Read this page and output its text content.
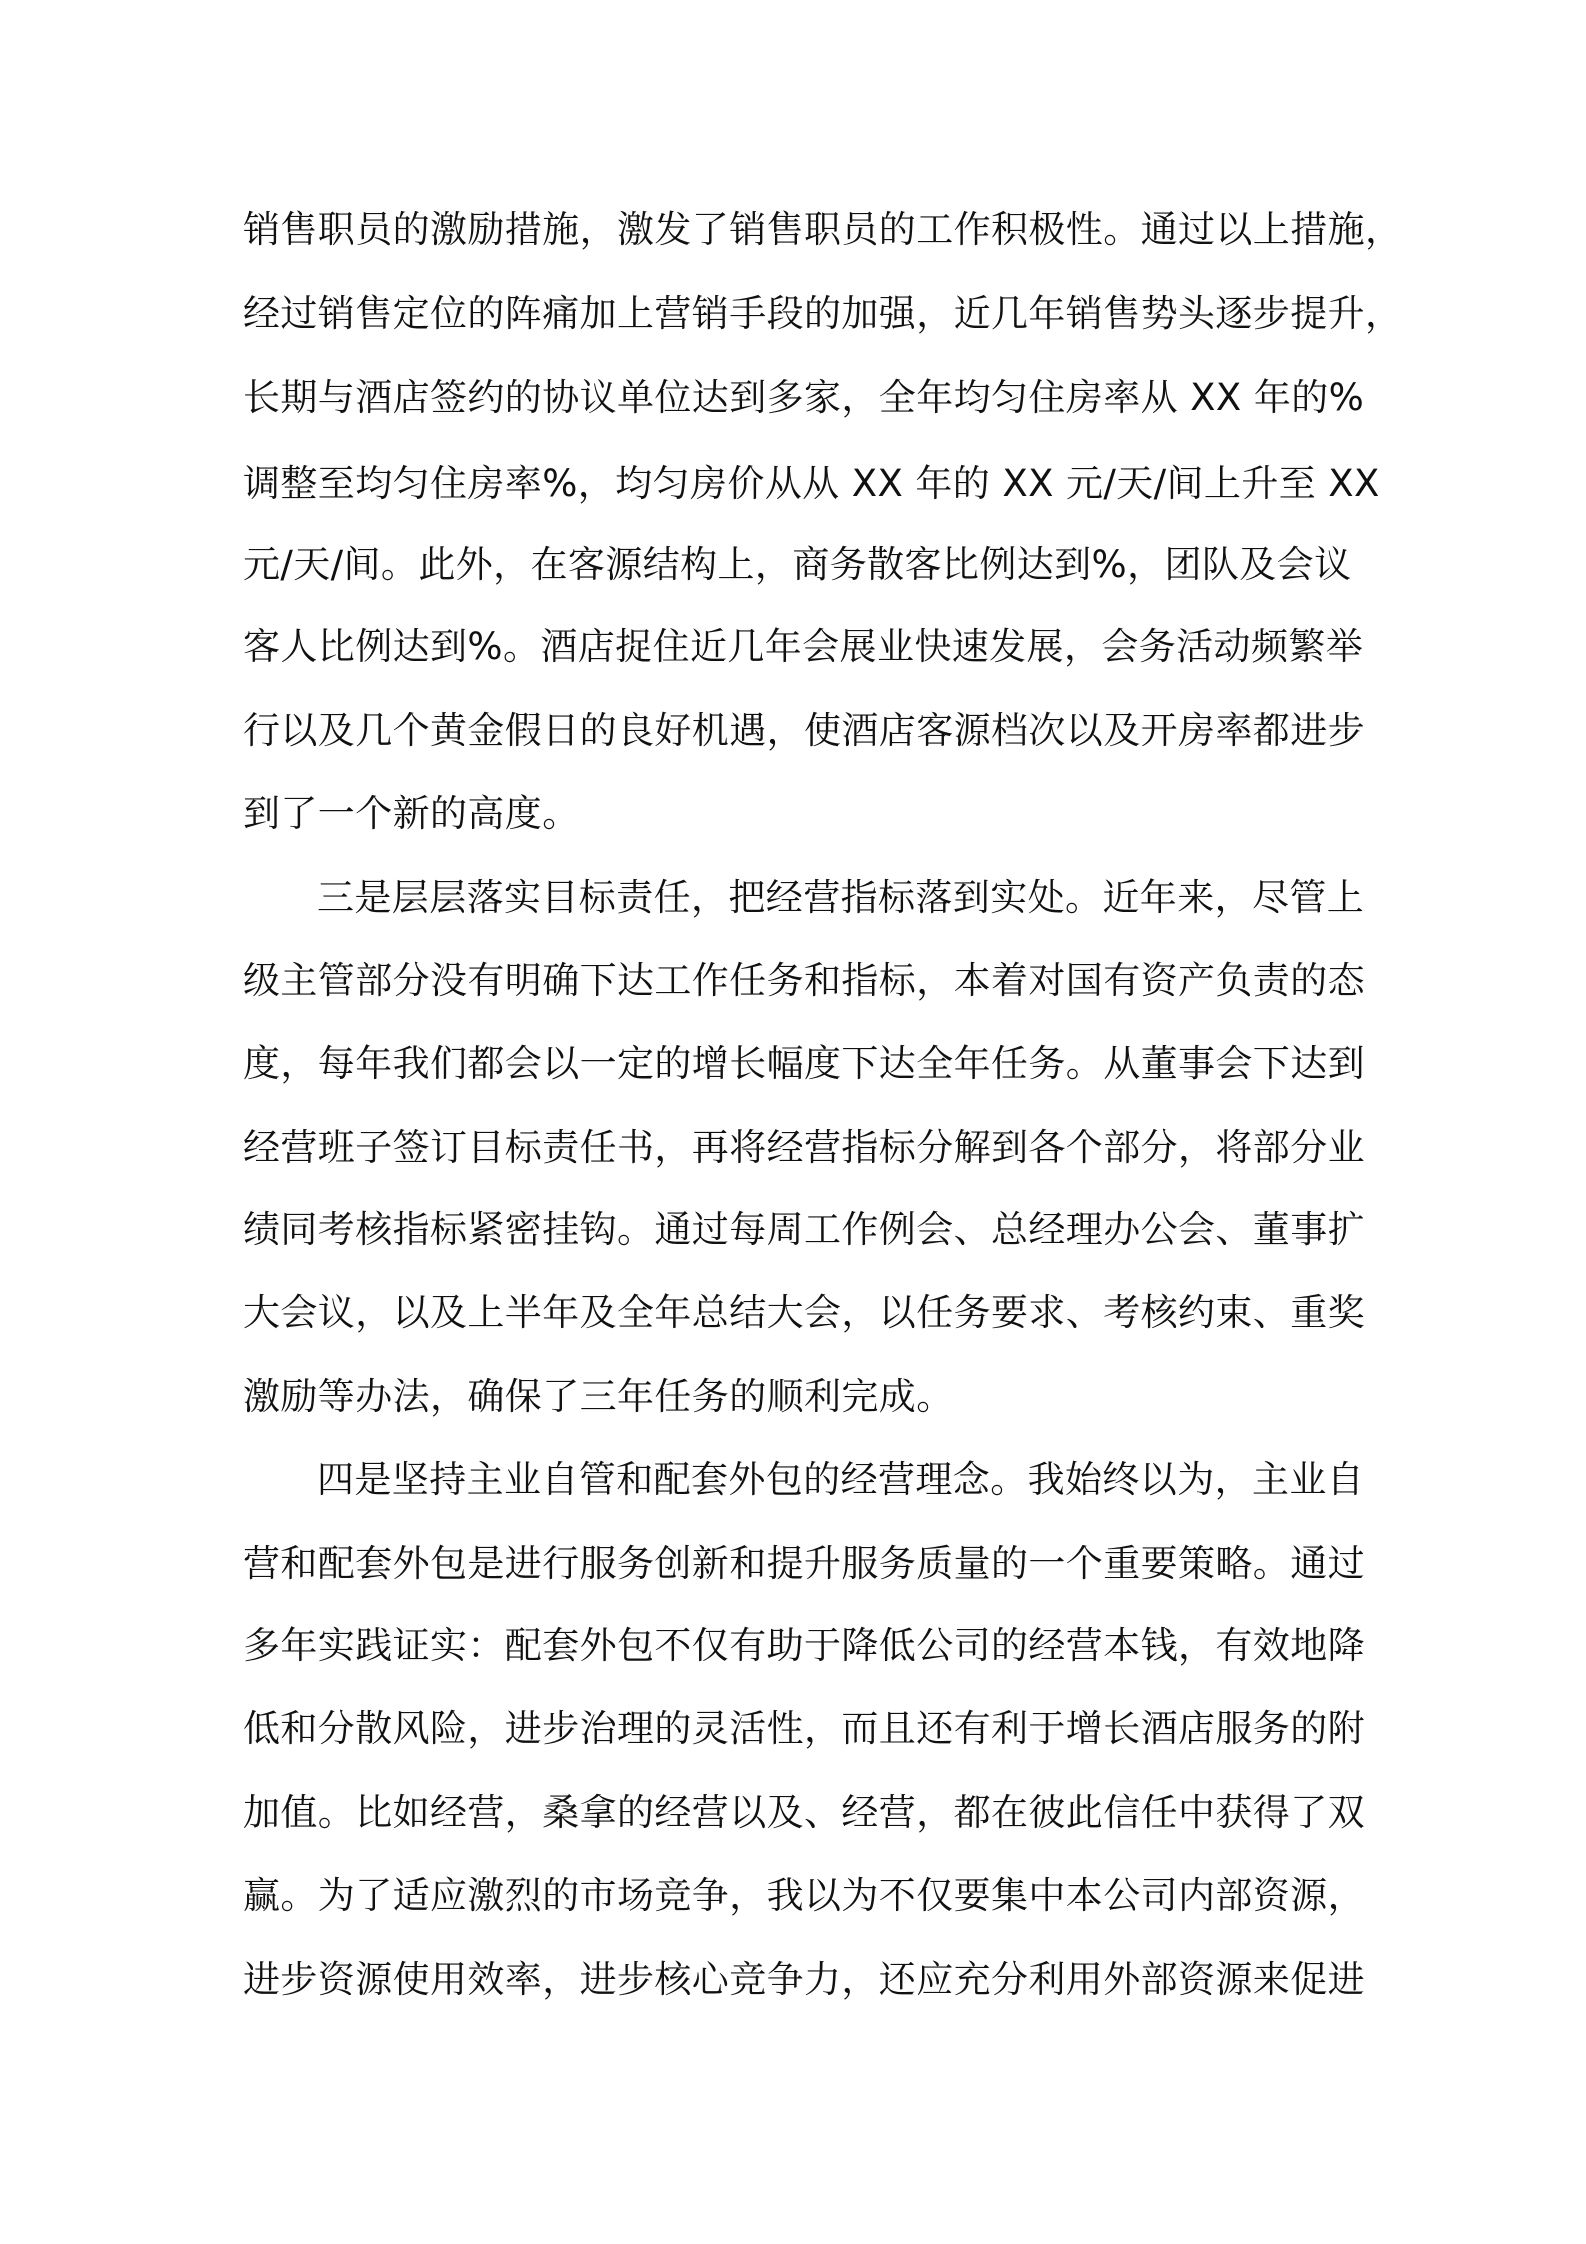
销售职员的激励措施，激发了销售职员的工作积极性。通过以上措施，
经过销售定位的阵痛加上营销手段的加强，近几年销售势头逐步提升，
长期与酒店签约的协议单位达到多家，全年均匀住房率从 XX 年的%
调整至均匀住房率%，均匀房价从从 XX 年的 XX 元/天/间上升至 XX
元/天/间。此外，在客源结构上，商务散客比例达到%，团队及会议
客人比例达到%。酒店捉住近几年会展业快速发展，会务活动频繁举
行以及几个黄金假日的良好机遇，使酒店客源档次以及开房率都进步
到了一个新的高度。
三是层层落实目标责任，把经营指标落到实处。近年来，尽管上
级主管部分没有明确下达工作任务和指标，本着对国有资产负责的态
度，每年我们都会以一定的增长幅度下达全年任务。从董事会下达到
经营班子签订目标责任书，再将经营指标分解到各个部分，将部分业
绩同考核指标紧密挂钩。通过每周工作例会、总经理办公会、董事扩
大会议，以及上半年及全年总结大会，以任务要求、考核约束、重奖
激励等办法，确保了三年任务的顺利完成。
四是坚持主业自管和配套外包的经营理念。我始终以为，主业自
营和配套外包是进行服务创新和提升服务质量的一个重要策略。通过
多年实践证实：配套外包不仅有助于降低公司的经营本钱，有效地降
低和分散风险，进步治理的灵活性，而且还有利于增长酒店服务的附
加值。比如经营，桑拿的经营以及、经营，都在彼此信任中获得了双
赢。为了适应激烈的市场竞争，我以为不仅要集中本公司内部资源，
进步资源使用效率，进步核心竞争力，还应充分利用外部资源来促进
